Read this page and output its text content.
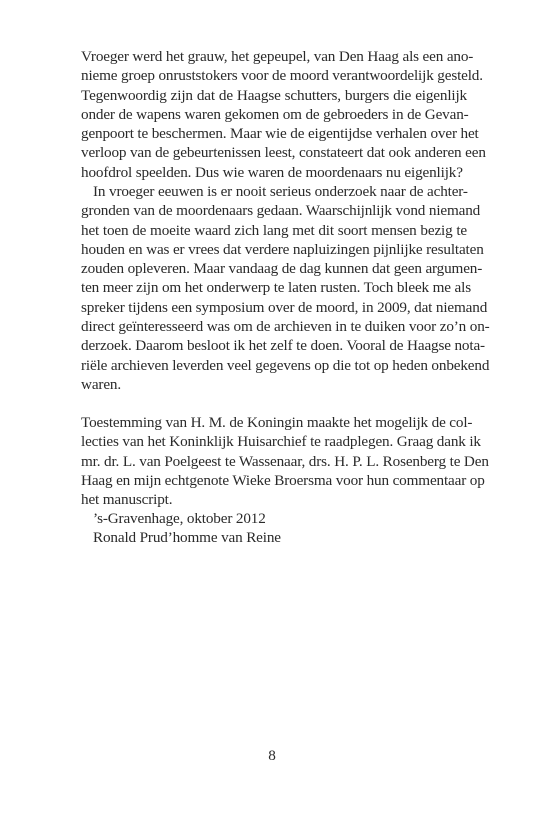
Vroeger werd het grauw, het gepeupel, van Den Haag als een ano-
nieme groep onruststokers voor de moord verantwoordelijk gesteld.
Tegenwoordig zijn dat de Haagse schutters, burgers die eigenlijk
onder de wapens waren gekomen om de gebroeders in de Gevan-
genpoort te beschermen. Maar wie de eigentijdse verhalen over het
verloop van de gebeurtenissen leest, constateert dat ook anderen een
hoofdrol speelden. Dus wie waren de moordenaars nu eigenlijk?
In vroeger eeuwen is er nooit serieus onderzoek naar de achter-
gronden van de moordenaars gedaan. Waarschijnlijk vond niemand
het toen de moeite waard zich lang met dit soort mensen bezig te
houden en was er vrees dat verdere napluizingen pijnlijke resultaten
zouden opleveren. Maar vandaag de dag kunnen dat geen argumen-
ten meer zijn om het onderwerp te laten rusten. Toch bleek me als
spreker tijdens een symposium over de moord, in 2009, dat niemand
direct geïnteresseerd was om de archieven in te duiken voor zo’n on-
derzoek. Daarom besloot ik het zelf te doen. Vooral de Haagse nota-
riële archieven leverden veel gegevens op die tot op heden onbekend
waren.
Toestemming van H. M. de Koningin maakte het mogelijk de col-
lecties van het Koninklijk Huisarchief te raadplegen. Graag dank ik
mr. dr. L. van Poelgeest te Wassenaar, drs. H. P. L. Rosenberg te Den
Haag en mijn echtgenote Wieke Broersma voor hun commentaar op
het manuscript.
’s-Gravenhage, oktober 2012
Ronald Prud’homme van Reine
8
